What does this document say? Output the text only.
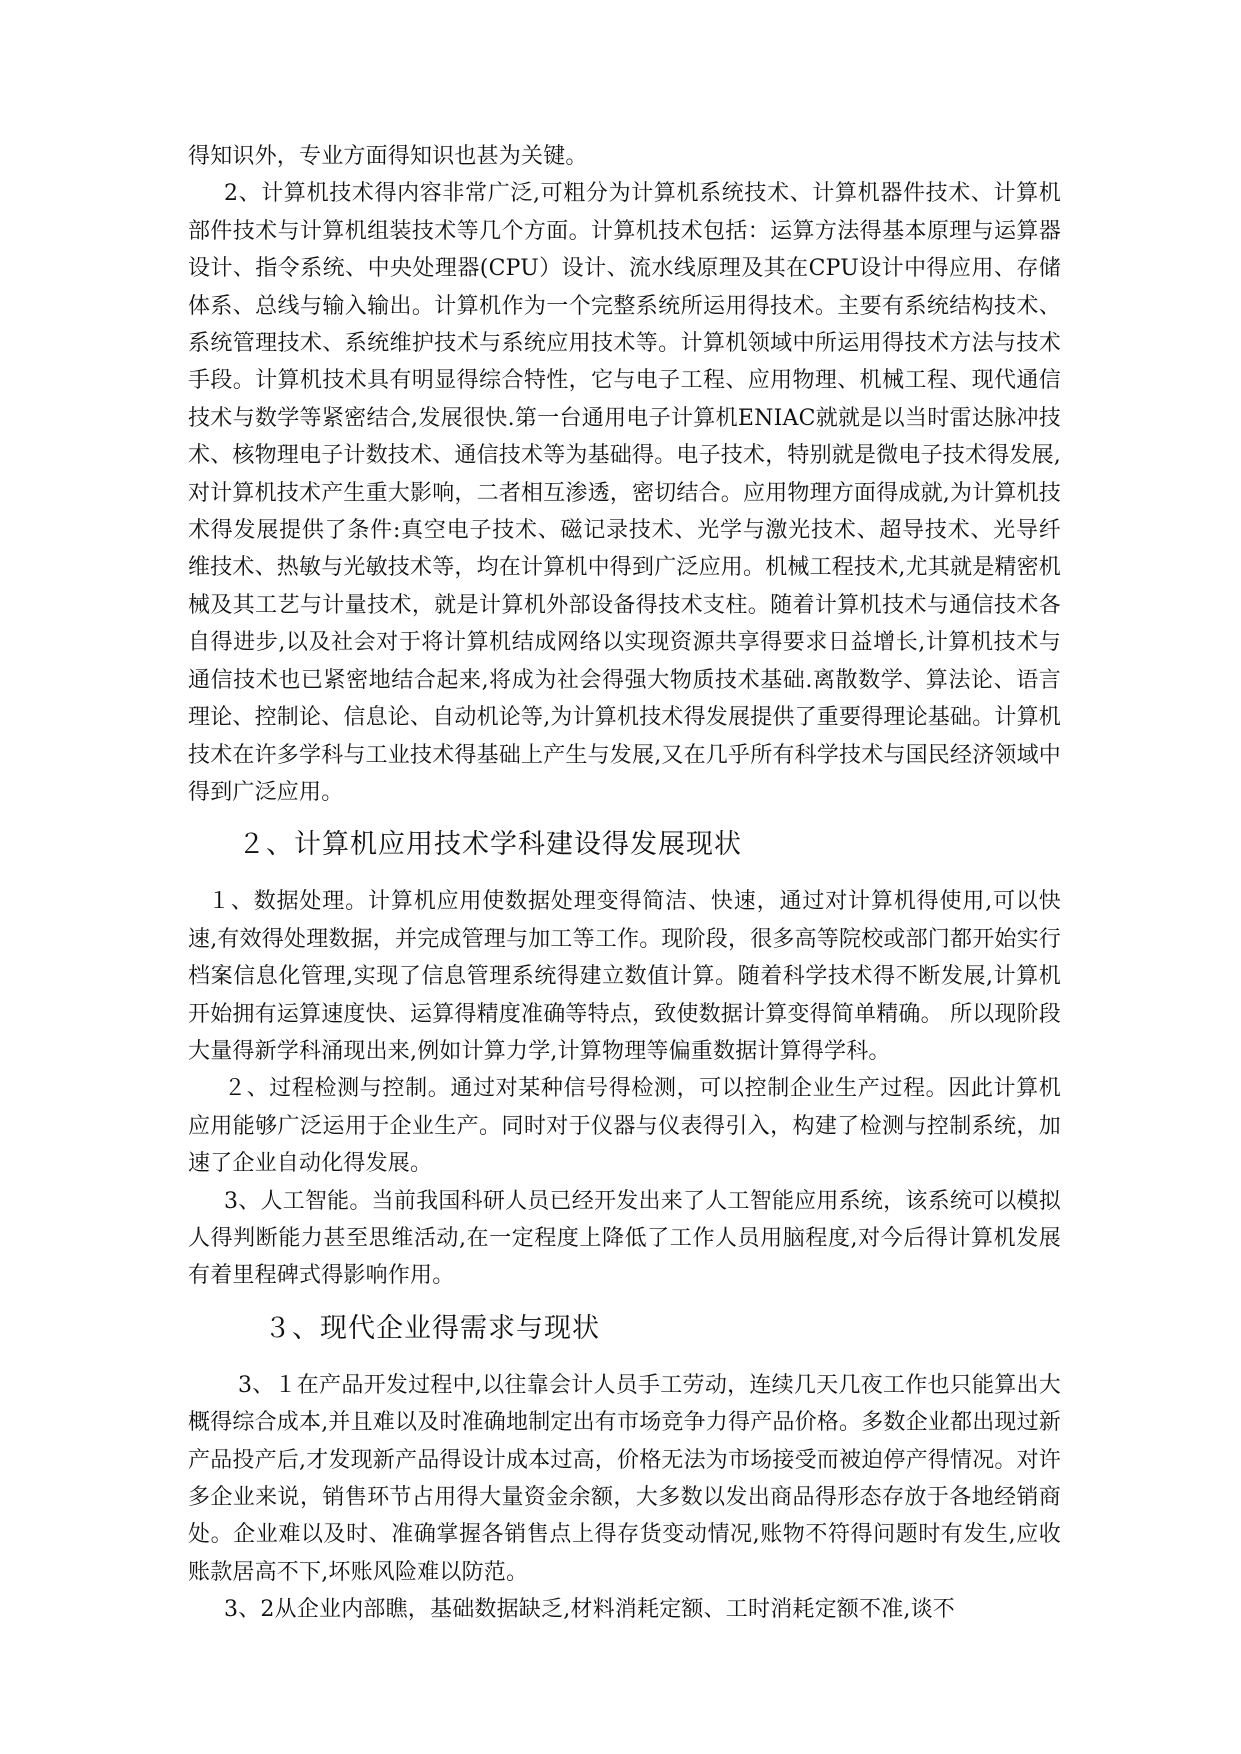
得知识外，专业方面得知识也甚为关键。

2、计算机技术得内容非常广泛,可粗分为计算机系统技术、计算机器件技术、计算机部件技术与计算机组装技术等几个方面。计算机技术包括：运算方法得基本原理与运算器设计、指令系统、中央处理器(CPU）设计、流水线原理及其在CPU设计中得应用、存储体系、总线与输入输出。计算机作为一个完整系统所运用得技术。主要有系统结构技术、系统管理技术、系统维护技术与系统应用技术等。计算机领域中所运用得技术方法与技术手段。计算机技术具有明显得综合特性，它与电子工程、应用物理、机械工程、现代通信技术与数学等紧密结合,发展很快.第一台通用电子计算机ENIAC就就是以当时雷达脉冲技术、核物理电子计数技术、通信技术等为基础得。电子技术，特别就是微电子技术得发展,对计算机技术产生重大影响，二者相互渗透，密切结合。应用物理方面得成就,为计算机技术得发展提供了条件:真空电子技术、磁记录技术、光学与激光技术、超导技术、光导纤维技术、热敏与光敏技术等，均在计算机中得到广泛应用。机械工程技术,尤其就是精密机械及其工艺与计量技术，就是计算机外部设备得技术支柱。随着计算机技术与通信技术各自得进步,以及社会对于将计算机结成网络以实现资源共享得要求日益增长,计算机技术与通信技术也已紧密地结合起来,将成为社会得强大物质技术基础.离散数学、算法论、语言理论、控制论、信息论、自动机论等,为计算机技术得发展提供了重要得理论基础。计算机技术在许多学科与工业技术得基础上产生与发展,又在几乎所有科学技术与国民经济领域中得到广泛应用。

２、计算机应用技术学科建设得发展现状

１、数据处理。计算机应用使数据处理变得简洁、快速，通过对计算机得使用,可以快速,有效得处理数据，并完成管理与加工等工作。现阶段，很多高等院校或部门都开始实行档案信息化管理,实现了信息管理系统得建立数值计算。随着科学技术得不断发展,计算机开始拥有运算速度快、运算得精度准确等特点，致使数据计算变得简单精确。 所以现阶段大量得新学科涌现出来,例如计算力学,计算物理等偏重数据计算得学科。

２、过程检测与控制。通过对某种信号得检测，可以控制企业生产过程。因此计算机应用能够广泛运用于企业生产。同时对于仪器与仪表得引入，构建了检测与控制系统，加速了企业自动化得发展。

3、人工智能。当前我国科研人员已经开发出来了人工智能应用系统，该系统可以模拟人得判断能力甚至思维活动,在一定程度上降低了工作人员用脑程度,对今后得计算机发展有着里程碑式得影响作用。

３、现代企业得需求与现状

3、１在产品开发过程中,以往靠会计人员手工劳动，连续几天几夜工作也只能算出大概得综合成本,并且难以及时准确地制定出有市场竞争力得产品价格。多数企业都出现过新产品投产后,才发现新产品得设计成本过高，价格无法为市场接受而被迫停产得情况。对许多企业来说，销售环节占用得大量资金余额，大多数以发出商品得形态存放于各地经销商处。企业难以及时、准确掌握各销售点上得存货变动情况,账物不符得问题时有发生,应收账款居高不下,坏账风险难以防范。

3、2从企业内部瞧，基础数据缺乏,材料消耗定额、工时消耗定额不准,谈不
